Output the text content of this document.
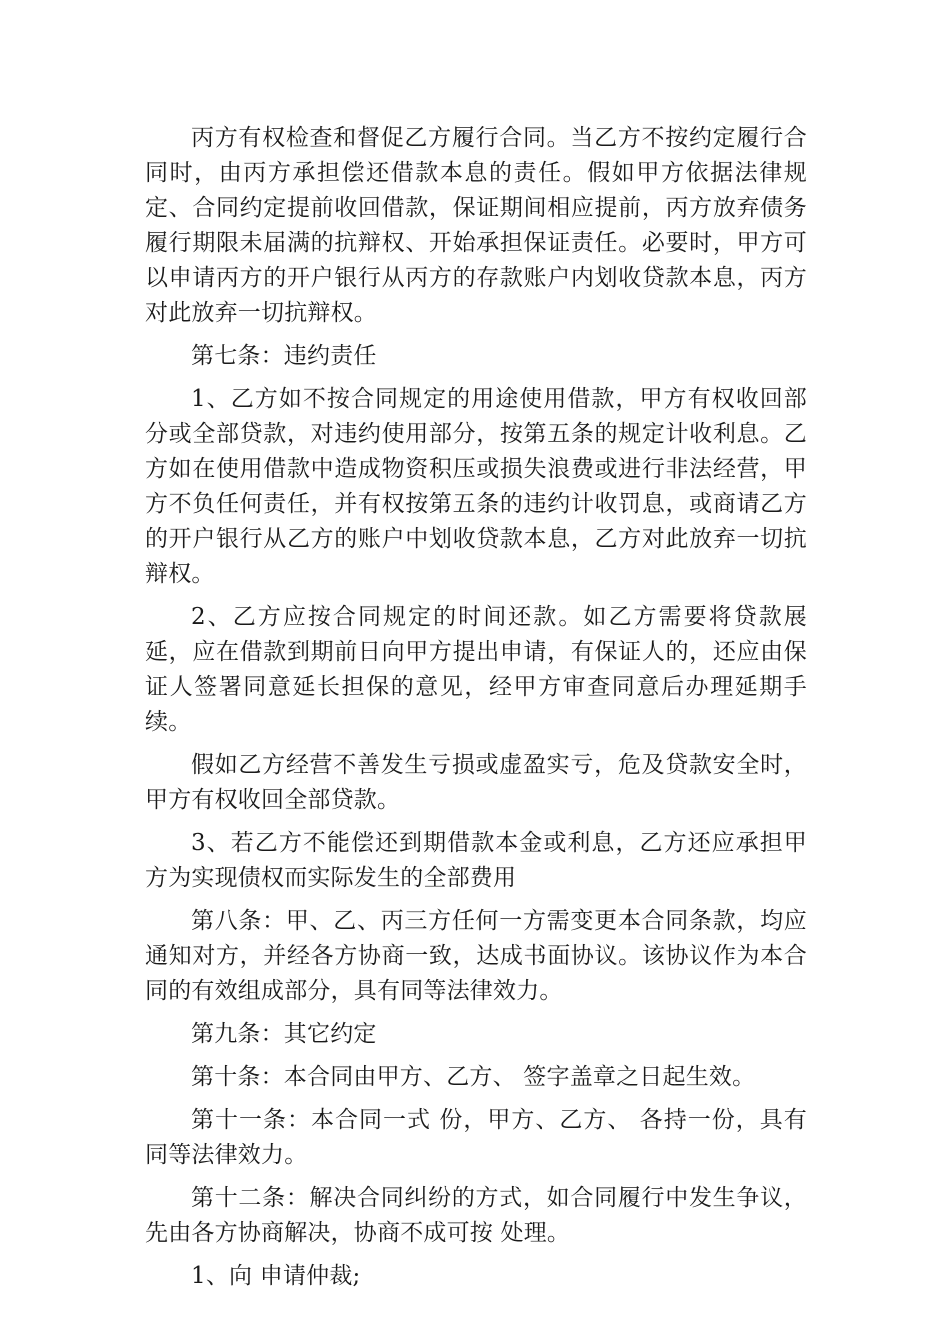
丙方有权检查和督促乙方履行合同。当乙方不按约定履行合同时，由丙方承担偿还借款本息的责任。假如甲方依据法律规定、合同约定提前收回借款，保证期间相应提前，丙方放弃债务履行期限未届满的抗辩权、开始承担保证责任。必要时，甲方可以申请丙方的开户银行从丙方的存款账户内划收贷款本息，丙方对此放弃一切抗辩权。

第七条：违约责任

1、乙方如不按合同规定的用途使用借款，甲方有权收回部分或全部贷款，对违约使用部分，按第五条的规定计收利息。乙方如在使用借款中造成物资积压或损失浪费或进行非法经营，甲方不负任何责任，并有权按第五条的违约计收罚息，或商请乙方的开户银行从乙方的账户中划收贷款本息，乙方对此放弃一切抗辩权。

2、乙方应按合同规定的时间还款。如乙方需要将贷款展延，应在借款到期前日向甲方提出申请，有保证人的，还应由保证人签署同意延长担保的意见，经甲方审查同意后办理延期手续。

假如乙方经营不善发生亏损或虚盈实亏，危及贷款安全时，甲方有权收回全部贷款。

3、若乙方不能偿还到期借款本金或利息，乙方还应承担甲方为实现债权而实际发生的全部费用

第八条：甲、乙、丙三方任何一方需变更本合同条款，均应通知对方，并经各方协商一致，达成书面协议。该协议作为本合同的有效组成部分，具有同等法律效力。

第九条：其它约定

第十条：本合同由甲方、乙方、 签字盖章之日起生效。

第十一条：本合同一式 份，甲方、乙方、 各持一份，具有同等法律效力。

第十二条：解决合同纠纷的方式，如合同履行中发生争议，先由各方协商解决，协商不成可按 处理。

1、向 申请仲裁;
